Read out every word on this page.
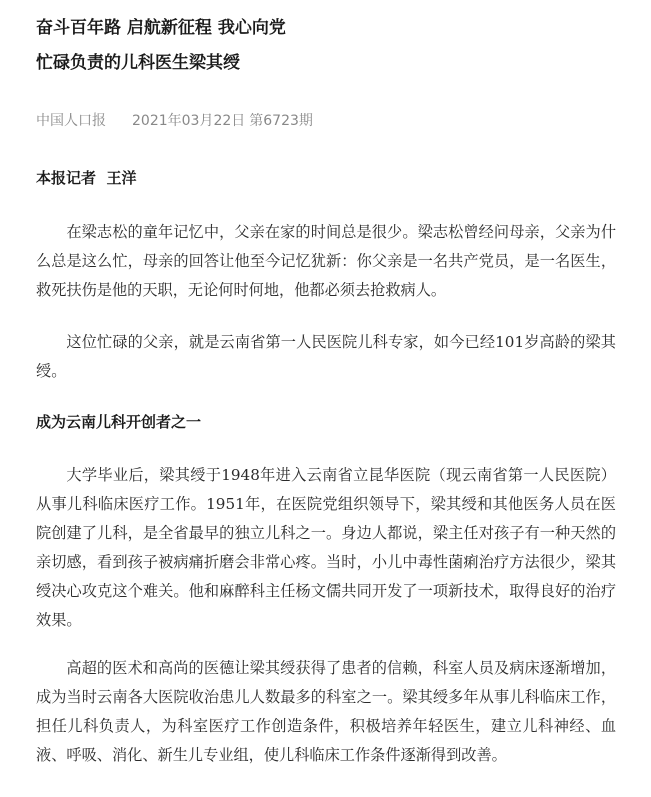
奋斗百年路 启航新征程 我心向党
忙碌负责的儿科医生梁其绶
中国人口报 2021年03月22日 第6723期
本报记者  王洋

在梁志松的童年记忆中，父亲在家的时间总是很少。梁志松曾经问母亲，父亲为什么总是这么忙，母亲的回答让他至今记忆犹新：你父亲是一名共产党员，是一名医生，救死扶伤是他的天职，无论何时何地，他都必须去抢救病人。

这位忙碌的父亲，就是云南省第一人民医院儿科专家，如今已经101岁高龄的梁其绶。

成为云南儿科开创者之一

大学毕业后，梁其绶于1948年进入云南省立昆华医院（现云南省第一人民医院）从事儿科临床医疗工作。1951年，在医院党组织领导下，梁其绶和其他医务人员在医院创建了儿科，是全省最早的独立儿科之一。身边人都说，梁主任对孩子有一种天然的亲切感，看到孩子被病痛折磨会非常心疼。当时，小儿中毒性菌痢治疗方法很少，梁其绶决心攻克这个难关。他和麻醉科主任杨文儒共同开发了一项新技术，取得良好的治疗效果。

高超的医术和高尚的医德让梁其绶获得了患者的信赖，科室人员及病床逐渐增加，成为当时云南各大医院收治患儿人数最多的科室之一。梁其绶多年从事儿科临床工作，担任儿科负责人，为科室医疗工作创造条件，积极培养年轻医生，建立儿科神经、血液、呼吸、消化、新生儿专业组，使儿科临床工作条件逐渐得到改善。
